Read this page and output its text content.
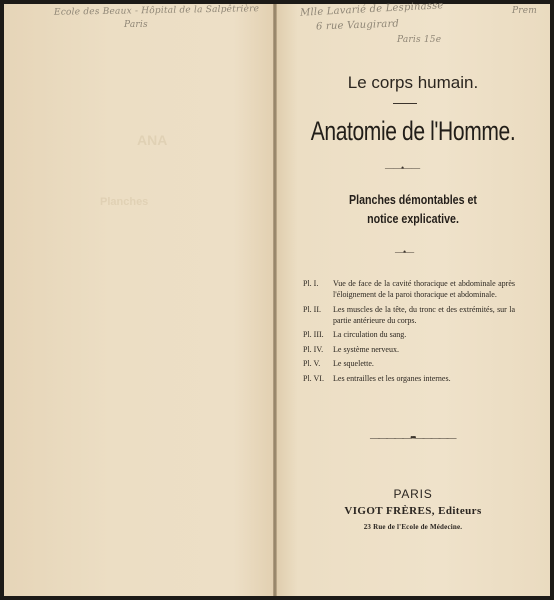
Ecole des Beaux - Hôpital de la Salpêtrière
Paris
Mlle Lavarié de Lespinasse
6 rue Vaugirard
Paris 15e
Prem
ANA
Planches
Le corps humain.
Anatomie de l'Homme.
——•——
Planches démontables et
notice explicative.
—•—
Pl. I.	Vue de face de la cavité thoracique et abdominale après l'éloignement de la paroi thoracique et abdominale.
Pl. II.	Les muscles de la tête, du tronc et des extrémités, sur la partie antérieure du corps.
Pl. III.	La circulation du sang.
Pl. IV.	Le système nerveux.
Pl. V.	Le squelette.
Pl. VI.	Les entrailles et les organes internes.
—————•••—————
PARIS
VIGOT FRÈRES, Editeurs
23 Rue de l'Ecole de Médecine.
